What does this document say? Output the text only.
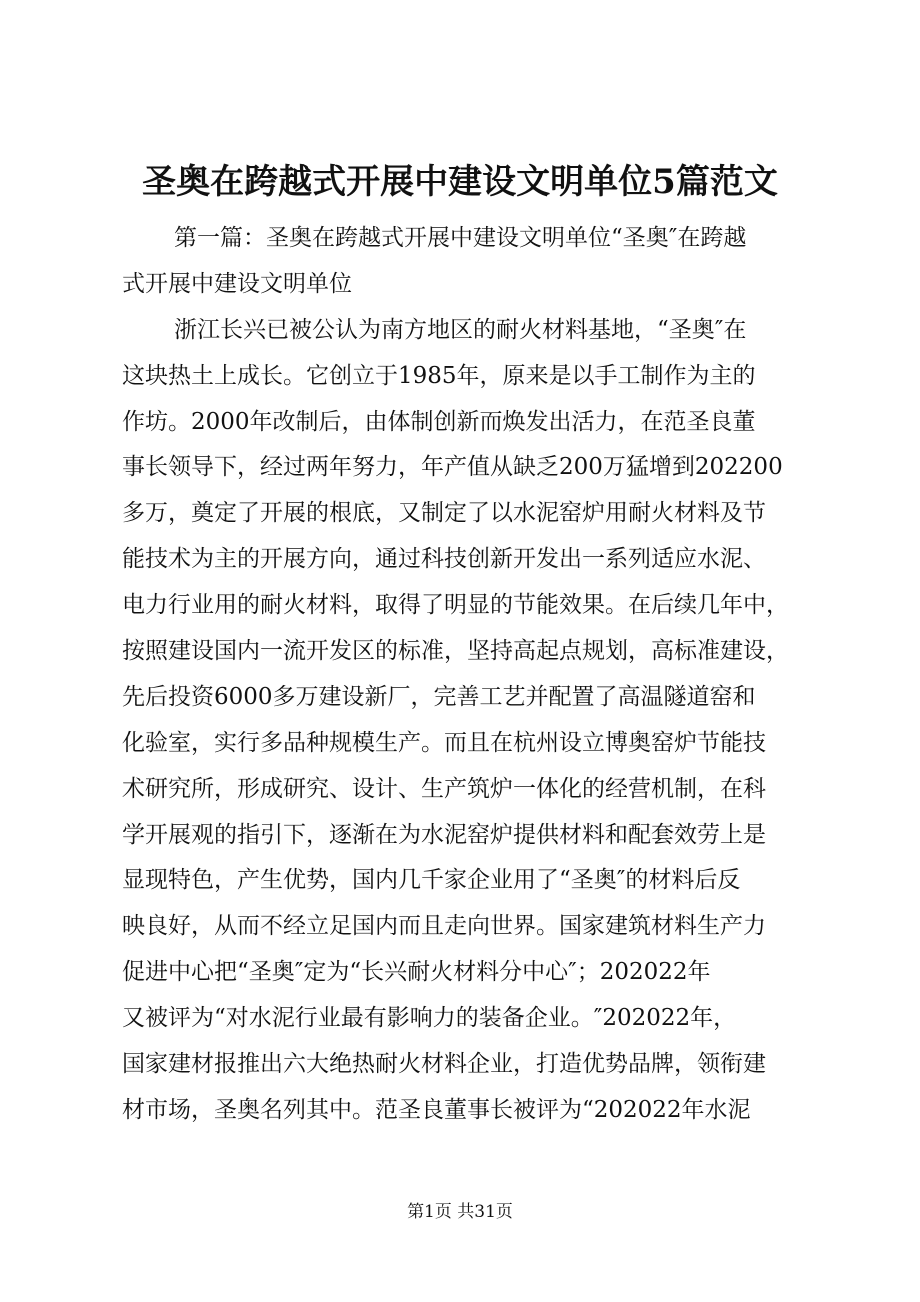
圣奥在跨越式开展中建设文明单位5篇范文
第一篇：圣奥在跨越式开展中建设文明单位“圣奥″在跨越
式开展中建设文明单位
浙江长兴已被公认为南方地区的耐火材料基地，“圣奥″在
这块热土上成长。它创立于1985年，原来是以手工制作为主的
作坊。2000年改制后，由体制创新而焕发出活力，在范圣良董
事长领导下，经过两年努力，年产值从缺乏200万猛增到202200
多万，奠定了开展的根底，又制定了以水泥窑炉用耐火材料及节
能技术为主的开展方向，通过科技创新开发出一系列适应水泥、
电力行业用的耐火材料，取得了明显的节能效果。在后续几年中，
按照建设国内一流开发区的标准，坚持高起点规划，高标准建设，
先后投资6000多万建设新厂，完善工艺并配置了高温隧道窑和
化验室，实行多品种规模生产。而且在杭州设立博奥窑炉节能技
术研究所，形成研究、设计、生产筑炉一体化的经营机制，在科
学开展观的指引下，逐渐在为水泥窑炉提供材料和配套效劳上是
显现特色，产生优势，国内几千家企业用了“圣奥″的材料后反
映良好，从而不经立足国内而且走向世界。国家建筑材料生产力
促进中心把“圣奥″定为“长兴耐火材料分中心″；202022年
又被评为“对水泥行业最有影响力的装备企业。″202022年，
国家建材报推出六大绝热耐火材料企业，打造优势品牌，领衔建
材市场，圣奥名列其中。范圣良董事长被评为“202022年水泥
第1页 共31页
